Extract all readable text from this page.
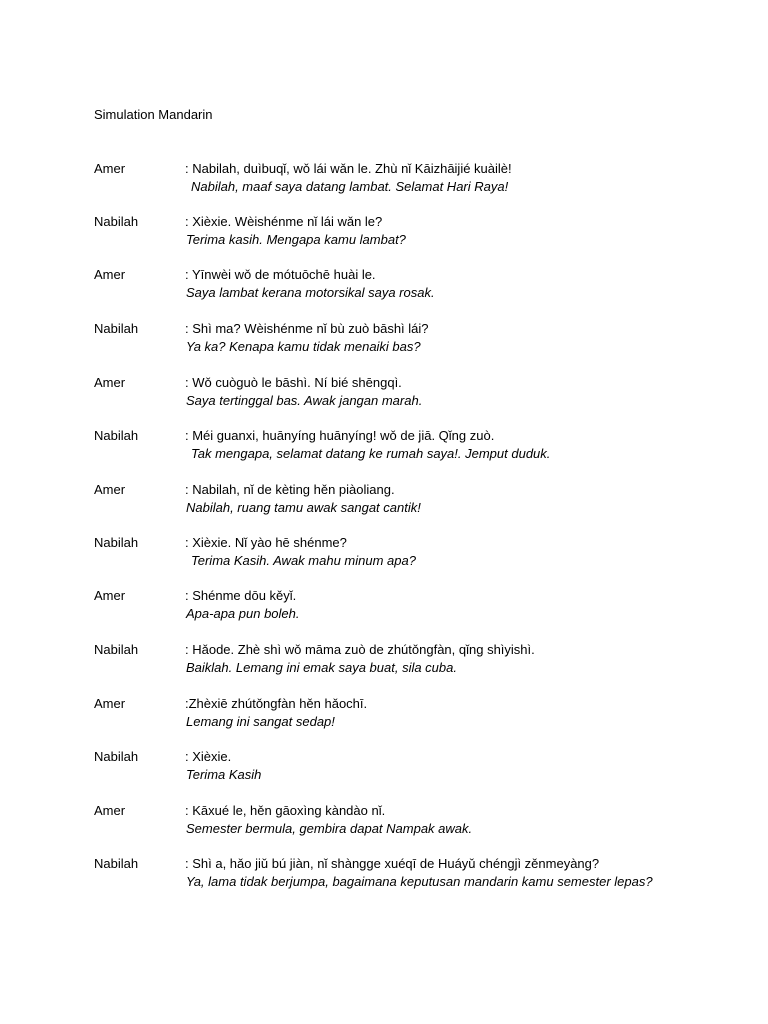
Simulation Mandarin
Amer	: Nabilah, duìbuqǐ, wǒ lái wǎn le. Zhù nǐ Kāizhāijié kuàilè!
Nabilah, maaf saya datang lambat. Selamat Hari Raya!
Nabilah	: Xièxie. Wèishénme nǐ lái wǎn le?
Terima kasih. Mengapa kamu lambat?
Amer	: Yīnwèi wǒ de mótuōchē huài le.
Saya lambat kerana motorsikal saya rosak.
Nabilah	: Shì ma? Wèishénme nǐ bù zuò bāshì lái?
Ya ka? Kenapa kamu tidak menaiki bas?
Amer	: Wǒ cuòguò le bāshì. Ní bié shēngqì.
Saya tertinggal bas. Awak jangan marah.
Nabilah	: Méi guanxi, huānyíng huānyíng! wǒ de jiā. Qǐng zuò.
Tak mengapa, selamat datang ke rumah saya!. Jemput duduk.
Amer	: Nabilah, nǐ de kèting hěn piàoliang.
Nabilah, ruang tamu awak sangat cantik!
Nabilah	: Xièxie. Nǐ yào hē shénme?
Terima Kasih. Awak mahu minum apa?
Amer	: Shénme dōu kěyǐ.
Apa-apa pun boleh.
Nabilah	: Hǎode. Zhè shì wǒ māma zuò de zhútǒngfàn, qǐng shìyishì.
Baiklah. Lemang ini emak saya buat, sila cuba.
Amer	:Zhèxiē zhútǒngfàn hěn hǎochī.
Lemang ini sangat sedap!
Nabilah	: Xièxie.
Terima Kasih
Amer	: Kāxué le, hěn gāoxìng kàndào nǐ.
Semester bermula, gembira dapat Nampak awak.
Nabilah	: Shì a, hǎo jiǔ bú jiàn, nǐ shàngge xuéqī de Huáyǔ chéngjì zěnmeyàng?
Ya, lama tidak berjumpa, bagaimana keputusan mandarin kamu semester lepas?
